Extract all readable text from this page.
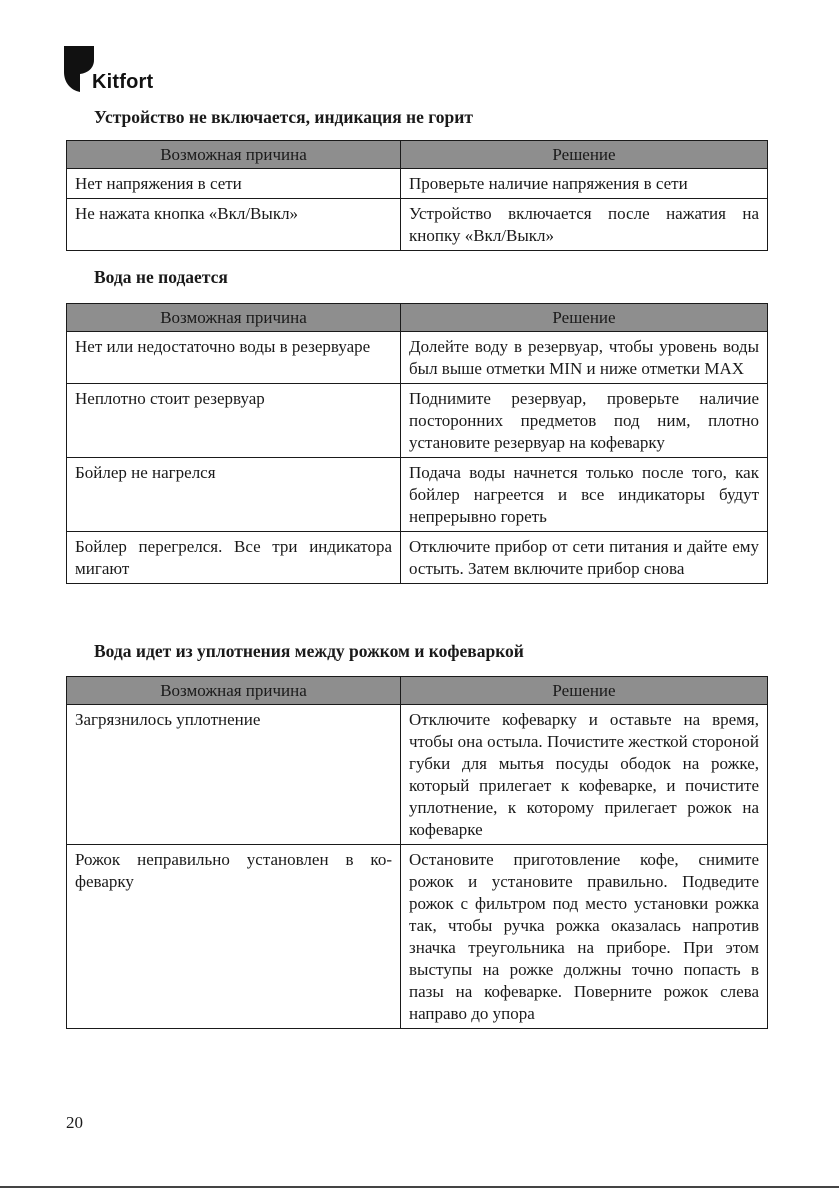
Kitfort
Устройство не включается, индикация не горит
Возможная причина	Решение
Нет напряжения в сети	Проверьте наличие напряжения в сети
Не нажата кнопка «Вкл/Выкл»	Устройство включается после нажатия на кнопку «Вкл/Выкл»
Вода не подается
Возможная причина	Решение
Нет или недостаточно воды в резервуаре	Долейте воду в резервуар, чтобы уровень воды был выше отметки MIN и ниже отметки MAX
Неплотно стоит резервуар	Поднимите резервуар, проверьте наличие посторонних предметов под ним, плотно установите резервуар на кофеварку
Бойлер не нагрелся	Подача воды начнется только после того, как бойлер нагреется и все индикаторы будут непрерывно гореть
Бойлер перегрелся. Все три индикатора мигают	Отключите прибор от сети питания и дайте ему остыть. Затем включите прибор снова
Вода идет из уплотнения между рожком и кофеваркой
Возможная причина	Решение
Загрязнилось уплотнение	Отключите кофеварку и оставьте на время, чтобы она остыла. Почистите жесткой стороной губки для мытья посуды ободок на рожке, который прилегает к кофеварке, и почистите уплотнение, к которому прилегает рожок на кофеварке
Рожок неправильно установлен в кофеварку	Остановите приготовление кофе, снимите рожок и установите правильно. Подведите рожок с фильтром под место установки рожка так, чтобы ручка рожка оказалась напротив значка треугольника на приборе. При этом выступы на рожке должны точно попасть в пазы на кофеварке. Поверните рожок слева направо до упора
20
